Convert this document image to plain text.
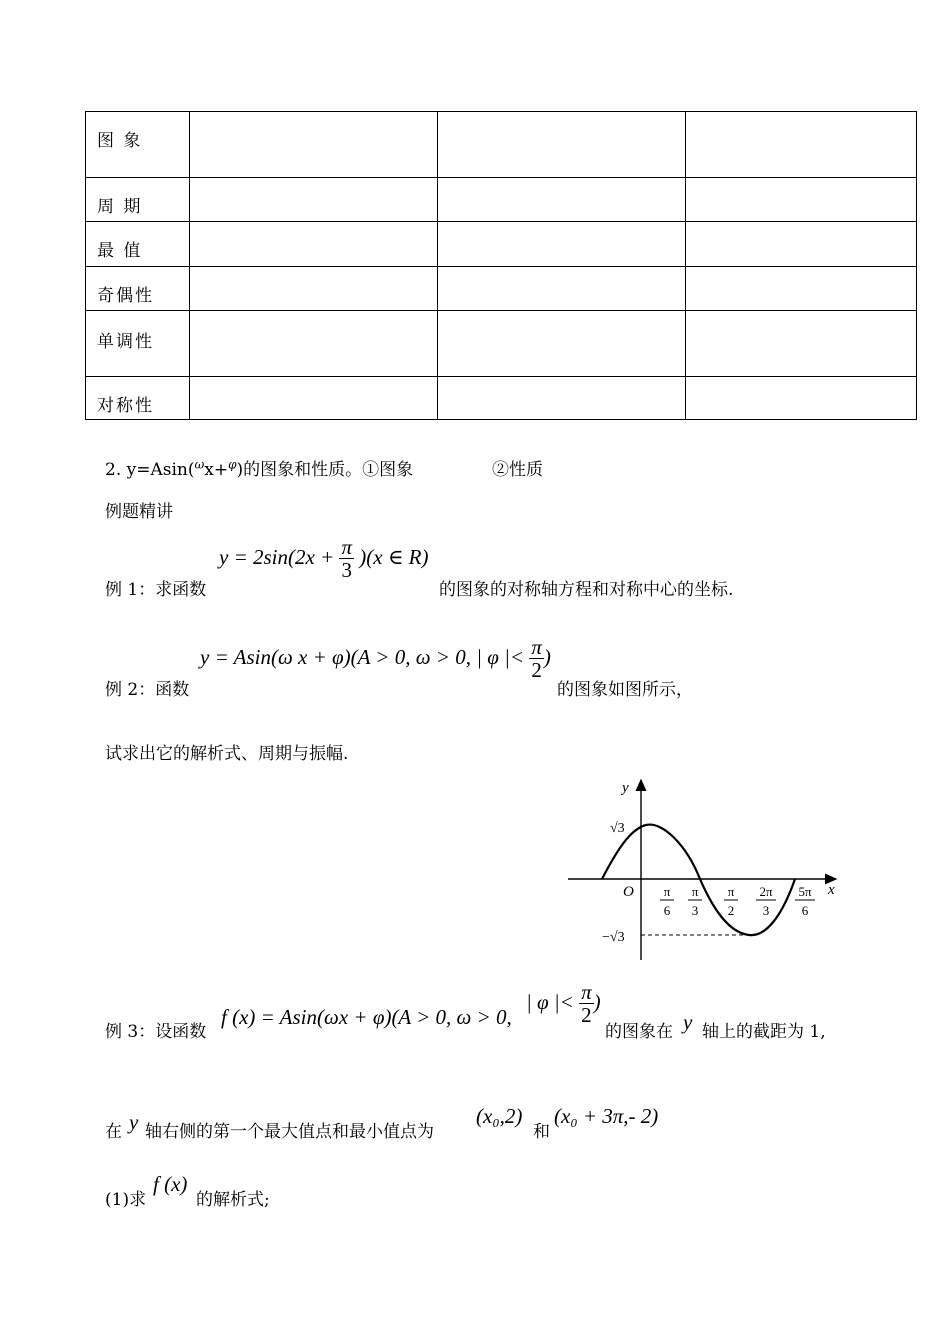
图 象			
周 期			
最 值			
奇偶性			
单调性			
对称性			
2. y=Asin($^\omega$x+$^\varphi$)的图象和性质。①图象	②性质
例题精讲
例 1：求函数
$y = 2\sin(2x + \frac{\pi}{3} )(x$ ∈ R)
的图象的对称轴方程和对称中心的坐标.
例 2：函数
y = Asin(ω x + φ)(A > 0, ω > 0, | φ |< $\frac{\pi}{2}$ )
的图象如图所示，
试求出它的解析式、周期与振幅.
y
x
O
√3
−√3
π
6
π
3
π
2
2π
3
5π
6
例 3：设函数
f (x) = Asin(ωx + φ)(A > 0, ω > 0,
| φ |< $\frac{\pi}{2}$ )
的图象在 y 轴上的截距为 1,
在 y 轴右侧的第一个最大值点和最小值点为
(x₀,2)
和
(x₀ + 3π,- 2)
(1)求
f (x)
的解析式;
